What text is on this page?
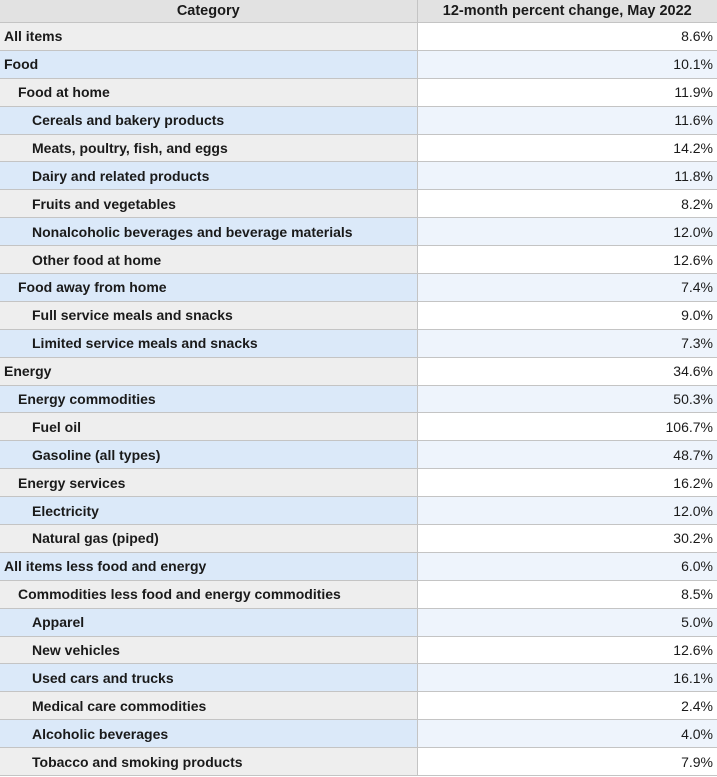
Category	12-month percent change, May 2022
All items	8.6%
Food	10.1%
Food at home	11.9%
Cereals and bakery products	11.6%
Meats, poultry, fish, and eggs	14.2%
Dairy and related products	11.8%
Fruits and vegetables	8.2%
Nonalcoholic beverages and beverage materials	12.0%
Other food at home	12.6%
Food away from home	7.4%
Full service meals and snacks	9.0%
Limited service meals and snacks	7.3%
Energy	34.6%
Energy commodities	50.3%
Fuel oil	106.7%
Gasoline (all types)	48.7%
Energy services	16.2%
Electricity	12.0%
Natural gas (piped)	30.2%
All items less food and energy	6.0%
Commodities less food and energy commodities	8.5%
Apparel	5.0%
New vehicles	12.6%
Used cars and trucks	16.1%
Medical care commodities	2.4%
Alcoholic beverages	4.0%
Tobacco and smoking products	7.9%
